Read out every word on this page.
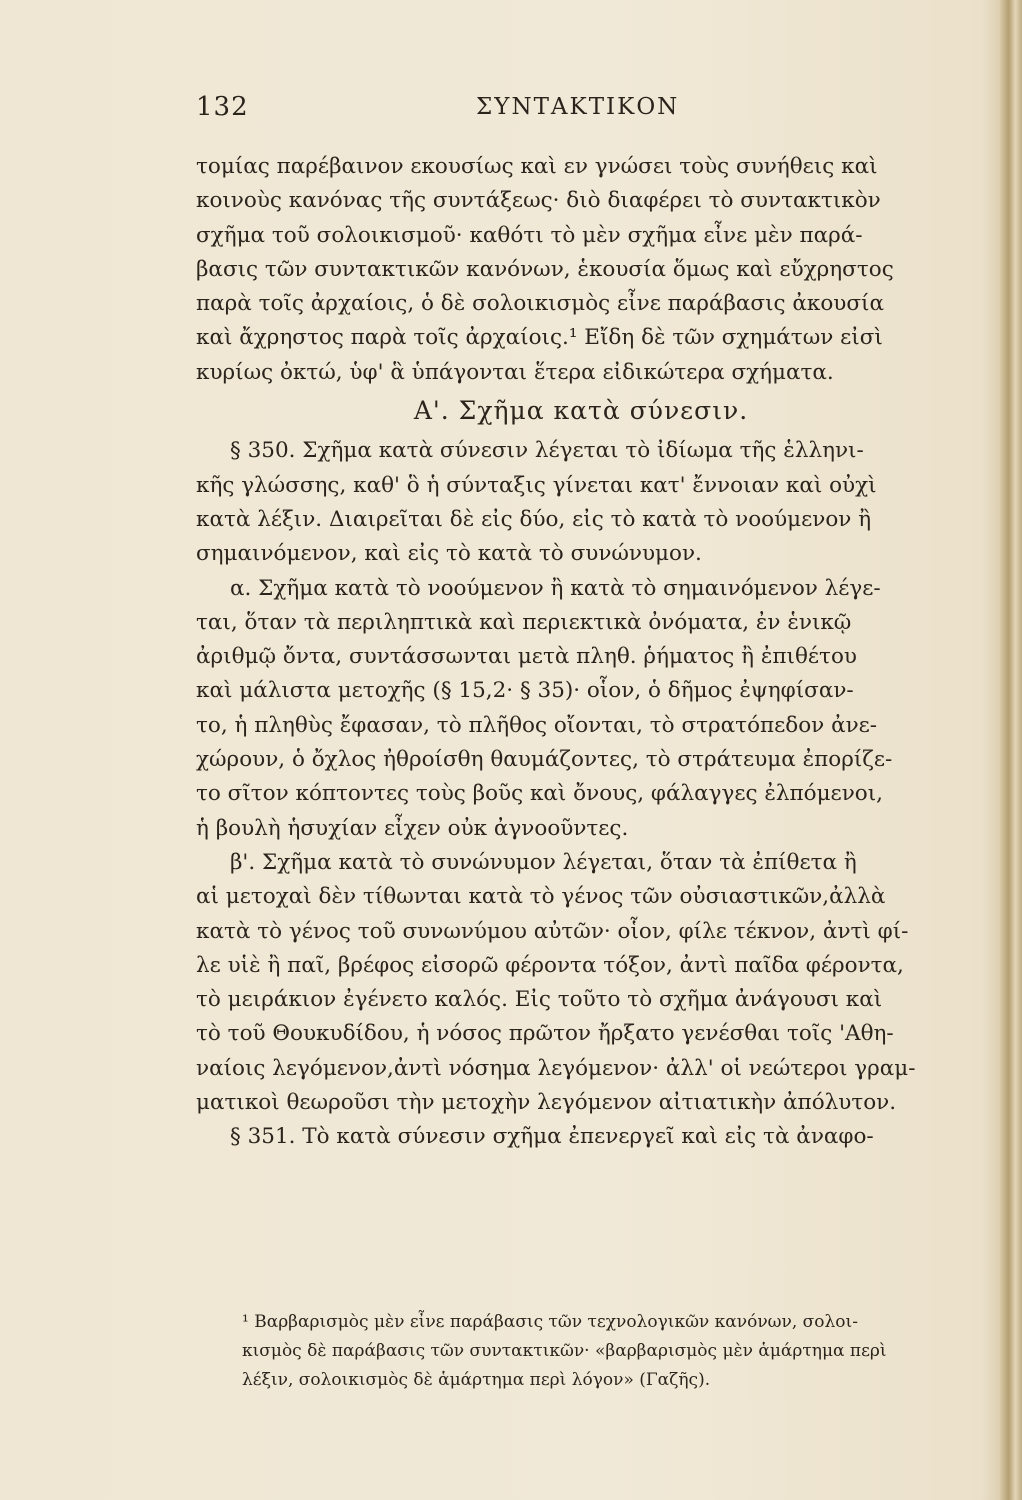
132	ΣΥΝΤΑΚΤΙΚΟΝ

τομίας παρέβαινον εκουσίως καὶ εν γνώσει τοὺς συνήθεις καὶ
κοινοὺς κανόνας τῆς συντάξεως· διὸ διαφέρει τὸ συντακτικὸν
σχῆμα τοῦ σολοικισμοῦ· καθότι τὸ μὲν σχῆμα εἶνε μὲν παρά-
βασις τῶν συντακτικῶν κανόνων, ἑκουσία ὅμως καὶ εὔχρηστος
παρὰ τοῖς ἀρχαίοις, ὁ δὲ σολοικισμὸς εἶνε παράβασις ἀκουσία
καὶ ἄχρηστος παρὰ τοῖς ἀρχαίοις.¹ Εἴδη δὲ τῶν σχημάτων εἰσὶ
κυρίως ὀκτώ, ὑφ' ἃ ὑπάγονται ἕτερα εἰδικώτερα σχήματα.

Α'. Σχῆμα κατὰ σύνεσιν.

§ 350. Σχῆμα κατὰ σύνεσιν λέγεται τὸ ἰδίωμα τῆς ἑλληνι-
κῆς γλώσσης, καθ' ὃ ἡ σύνταξις γίνεται κατ' ἔννοιαν καὶ οὐχὶ
κατὰ λέξιν. Διαιρεῖται δὲ εἰς δύο, εἰς τὸ κατὰ τὸ νοούμενον ἢ
σημαινόμενον, καὶ εἰς τὸ κατὰ τὸ συνώνυμον.

α. Σχῆμα κατὰ τὸ νοούμενον ἢ κατὰ τὸ σημαινόμενον λέγε-
ται, ὅταν τὰ περιληπτικὰ καὶ περιεκτικὰ ὀνόματα, ἐν ἑνικῷ
ἀριθμῷ ὄντα, συντάσσωνται μετὰ πληθ. ῥήματος ἢ ἐπιθέτου
καὶ μάλιστα μετοχῆς (§ 15,2· § 35)· οἷον, ὁ δῆμος ἐψηφίσαν-
το, ἡ πληθὺς ἔφασαν, τὸ πλῆθος οἴονται, τὸ στρατόπεδον ἀνε-
χώρουν, ὁ ὄχλος ἠθροίσθη θαυμάζοντες, τὸ στράτευμα ἐπορίζε-
το σῖτον κόπτοντες τοὺς βοῦς καὶ ὄνους, φάλαγγες ἐλπόμενοι,
ἡ βουλὴ ἡσυχίαν εἶχεν οὐκ ἀγνοοῦντες.

β'. Σχῆμα κατὰ τὸ συνώνυμον λέγεται, ὅταν τὰ ἐπίθετα ἢ
αἱ μετοχαὶ δὲν τίθωνται κατὰ τὸ γένος τῶν οὐσιαστικῶν,ἀλλὰ
κατὰ τὸ γένος τοῦ συνωνύμου αὐτῶν· οἷον, φίλε τέκνον, ἀντὶ φί-
λε υἱὲ ἢ παῖ, βρέφος εἰσορῶ φέροντα τόξον, ἀντὶ παῖδα φέροντα,
τὸ μειράκιον ἐγένετο καλός. Εἰς τοῦτο τὸ σχῆμα ἀνάγουσι καὶ
τὸ τοῦ Θουκυδίδου, ἡ νόσος πρῶτον ἤρξατο γενέσθαι τοῖς 'Αθη-
ναίοις λεγόμενον,ἀντὶ νόσημα λεγόμενον· ἀλλ' οἱ νεώτεροι γραμ-
ματικοὶ θεωροῦσι τὴν μετοχὴν λεγόμενον αἰτιατικὴν ἀπόλυτον.

§ 351. Τὸ κατὰ σύνεσιν σχῆμα ἐπενεργεῖ καὶ εἰς τὰ ἀναφο-

¹ Βαρβαρισμὸς μὲν εἶνε παράβασις τῶν τεχνολογικῶν κανόνων, σολοι-
κισμὸς δὲ παράβασις τῶν συντακτικῶν· «βαρβαρισμὸς μὲν ἁμάρτημα περὶ
λέξιν, σολοικισμὸς δὲ ἁμάρτημα περὶ λόγον» (Γαζῆς).
